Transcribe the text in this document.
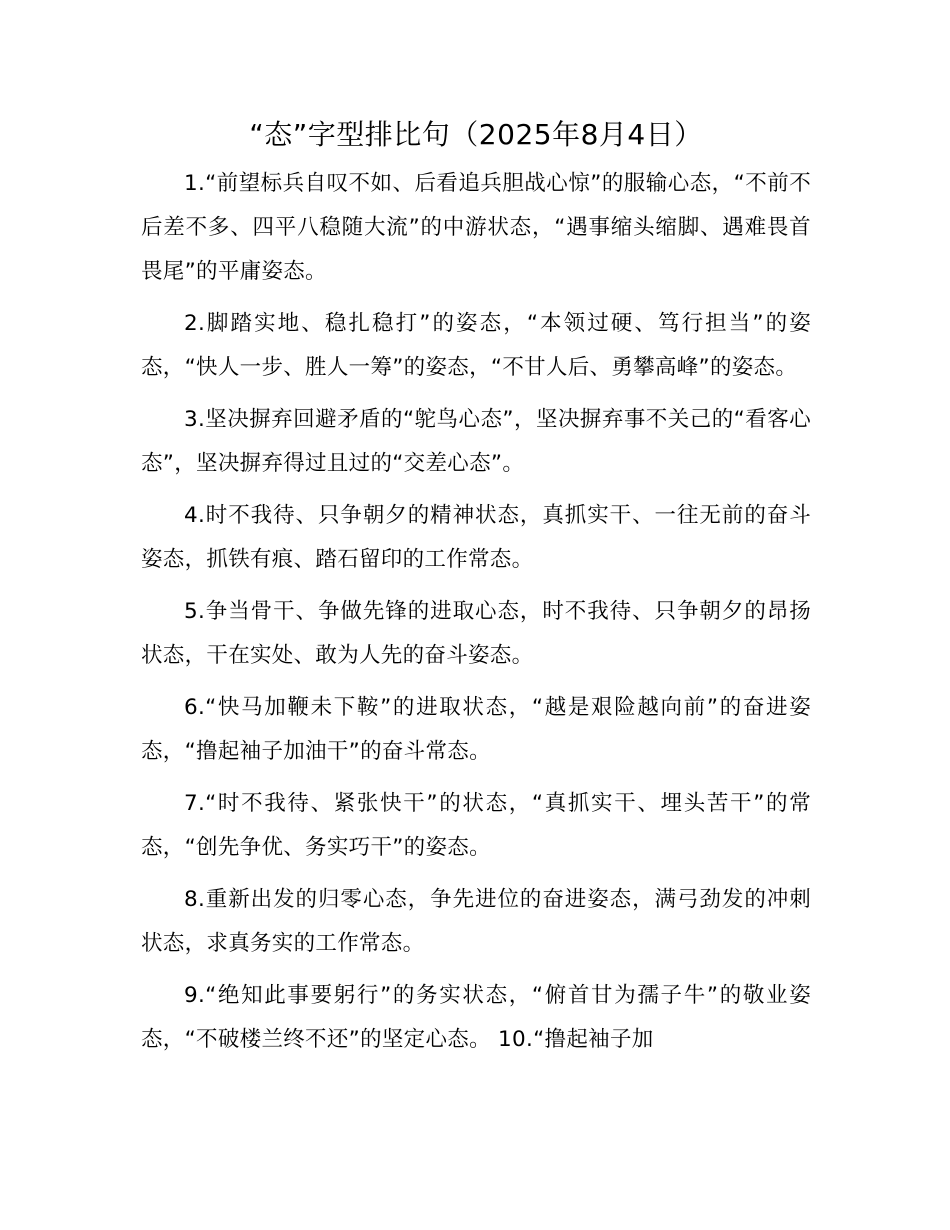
“态”字型排比句（2025年8月4日）

1.“前望标兵自叹不如、后看追兵胆战心惊”的服输心态，“不前不后差不多、四平八稳随大流”的中游状态，“遇事缩头缩脚、遇难畏首畏尾”的平庸姿态。

2.脚踏实地、稳扎稳打”的姿态，“本领过硬、笃行担当”的姿态，“快人一步、胜人一筹”的姿态，“不甘人后、勇攀高峰”的姿态。

3.坚决摒弃回避矛盾的“鸵鸟心态”，坚决摒弃事不关己的“看客心态”，坚决摒弃得过且过的“交差心态”。

4.时不我待、只争朝夕的精神状态，真抓实干、一往无前的奋斗姿态，抓铁有痕、踏石留印的工作常态。

5.争当骨干、争做先锋的进取心态，时不我待、只争朝夕的昂扬状态，干在实处、敢为人先的奋斗姿态。

6.“快马加鞭未下鞍”的进取状态，“越是艰险越向前”的奋进姿态，“撸起袖子加油干”的奋斗常态。

7.“时不我待、紧张快干”的状态，“真抓实干、埋头苦干”的常态，“创先争优、务实巧干”的姿态。

8.重新出发的归零心态，争先进位的奋进姿态，满弓劲发的冲刺状态，求真务实的工作常态。

9.“绝知此事要躬行”的务实状态，“俯首甘为孺子牛”的敬业姿态，“不破楼兰终不还”的坚定心态。 10.“撸起袖子加
